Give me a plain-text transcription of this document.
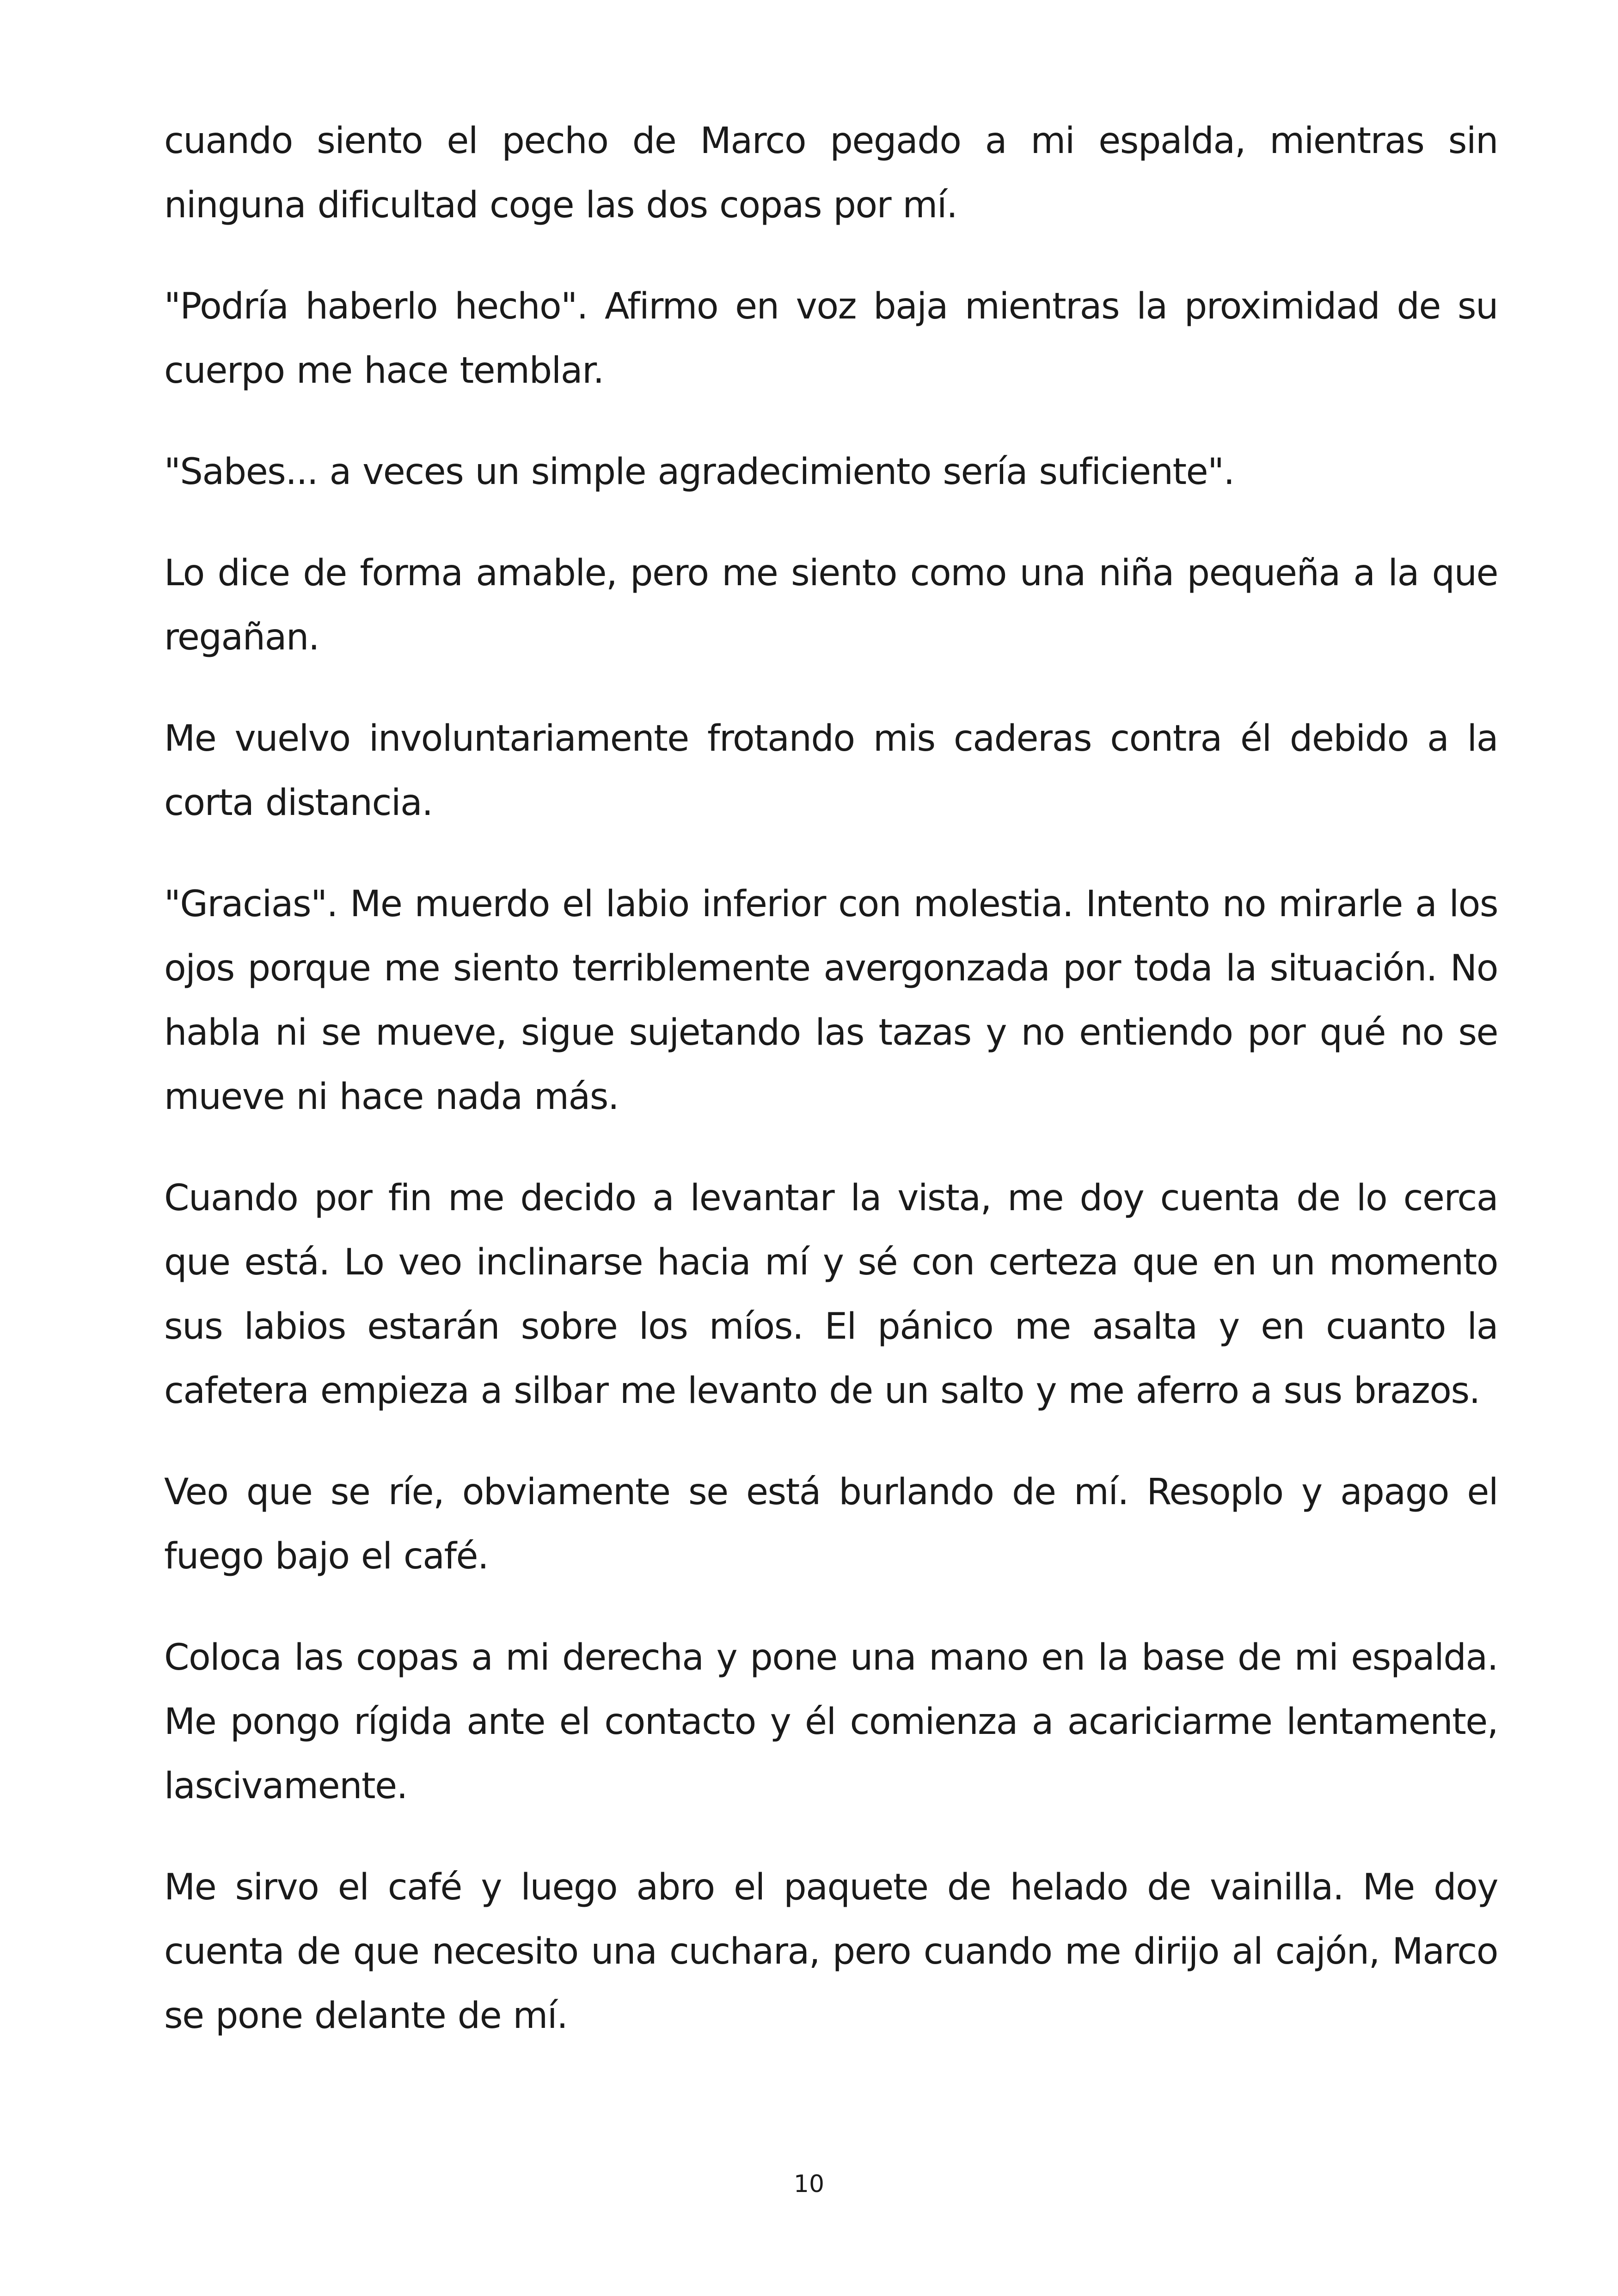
cuando siento el pecho de Marco pegado a mi espalda, mientras sin ninguna dificultad coge las dos copas por mí.

"Podría haberlo hecho". Afirmo en voz baja mientras la proximidad de su cuerpo me hace temblar.

"Sabes... a veces un simple agradecimiento sería suficiente".

Lo dice de forma amable, pero me siento como una niña pequeña a la que regañan.

Me vuelvo involuntariamente frotando mis caderas contra él debido a la corta distancia.

"Gracias". Me muerdo el labio inferior con molestia. Intento no mirarle a los ojos porque me siento terriblemente avergonzada por toda la situación. No habla ni se mueve, sigue sujetando las tazas y no entiendo por qué no se mueve ni hace nada más.

Cuando por fin me decido a levantar la vista, me doy cuenta de lo cerca que está. Lo veo inclinarse hacia mí y sé con certeza que en un momento sus labios estarán sobre los míos. El pánico me asalta y en cuanto la cafetera empieza a silbar me levanto de un salto y me aferro a sus brazos.

Veo que se ríe, obviamente se está burlando de mí. Resoplo y apago el fuego bajo el café.

Coloca las copas a mi derecha y pone una mano en la base de mi espalda. Me pongo rígida ante el contacto y él comienza a acariciarme lentamente, lascivamente.

Me sirvo el café y luego abro el paquete de helado de vainilla. Me doy cuenta de que necesito una cuchara, pero cuando me dirijo al cajón, Marco se pone delante de mí.

10
